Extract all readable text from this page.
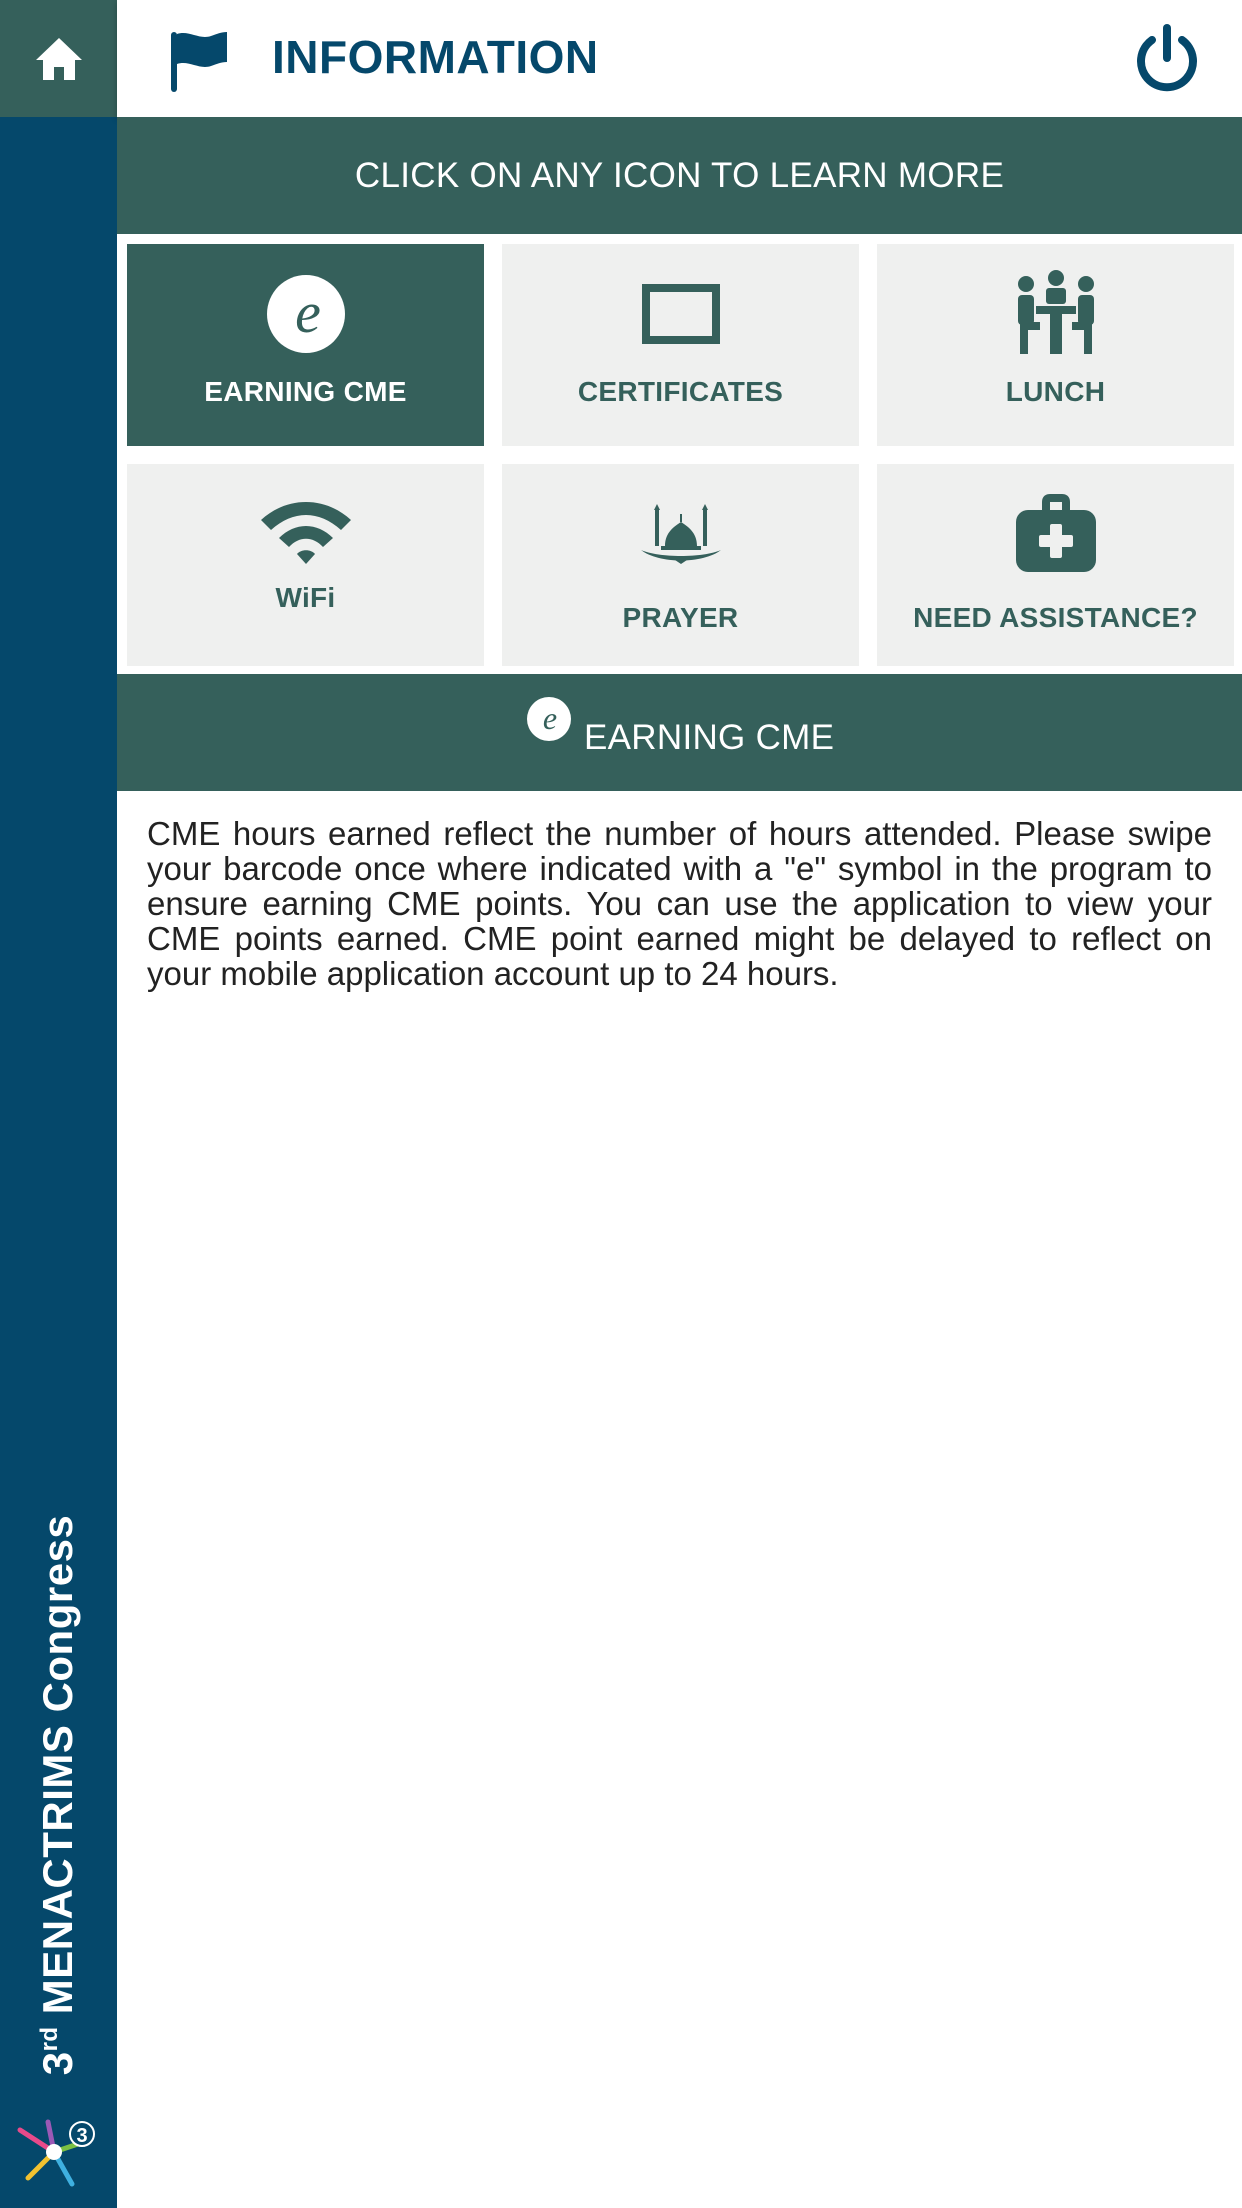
3rd MENACTRIMS Congress
3
INFORMATION
CLICK ON ANY ICON TO LEARN MORE
e
EARNING CME	CERTIFICATES	LUNCH
WiFi
PRAYER	NEED ASSISTANCE?
e EARNING CME
CME hours earned reflect the number of hours attended. Please swipe your barcode once where indicated with a "e" symbol in the program to ensure earning CME points. You can use the application to view your CME points earned. CME point earned might be delayed to reflect on your mobile application account up to 24 hours.
